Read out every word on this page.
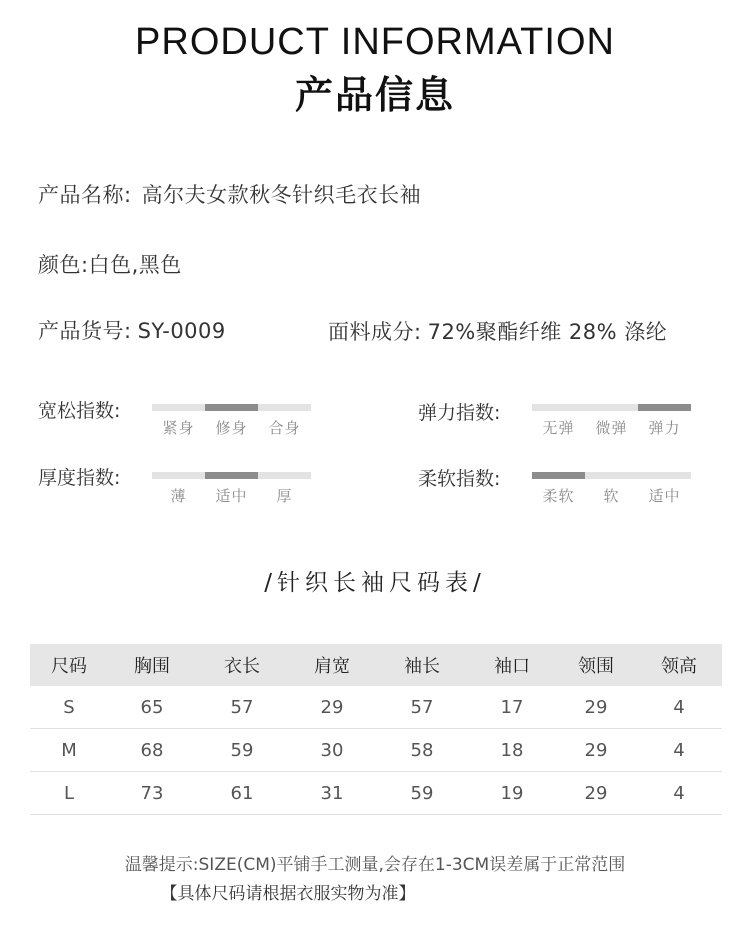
PRODUCT INFORMATION
产品信息
产品名称: 高尔夫女款秋冬针织毛衣长袖
颜色:白色,黑色
产品货号: SY-0009	面料成分: 72%聚酯纤维 28% 涤纶
宽松指数:
紧身	修身	合身
弹力指数:
无弹	微弹	弹力
厚度指数:
薄	适中	厚
柔软指数:
柔软	软	适中
/针织长袖尺码表/
尺码	胸围	衣长	肩宽	袖长	袖口	领围	领高
S	65	57	29	57	17	29	4
M	68	59	30	58	18	29	4
L	73	61	31	59	19	29	4
温馨提示:SIZE(CM)平铺手工测量,会存在1-3CM误差属于正常范围
【具体尺码请根据衣服实物为准】
